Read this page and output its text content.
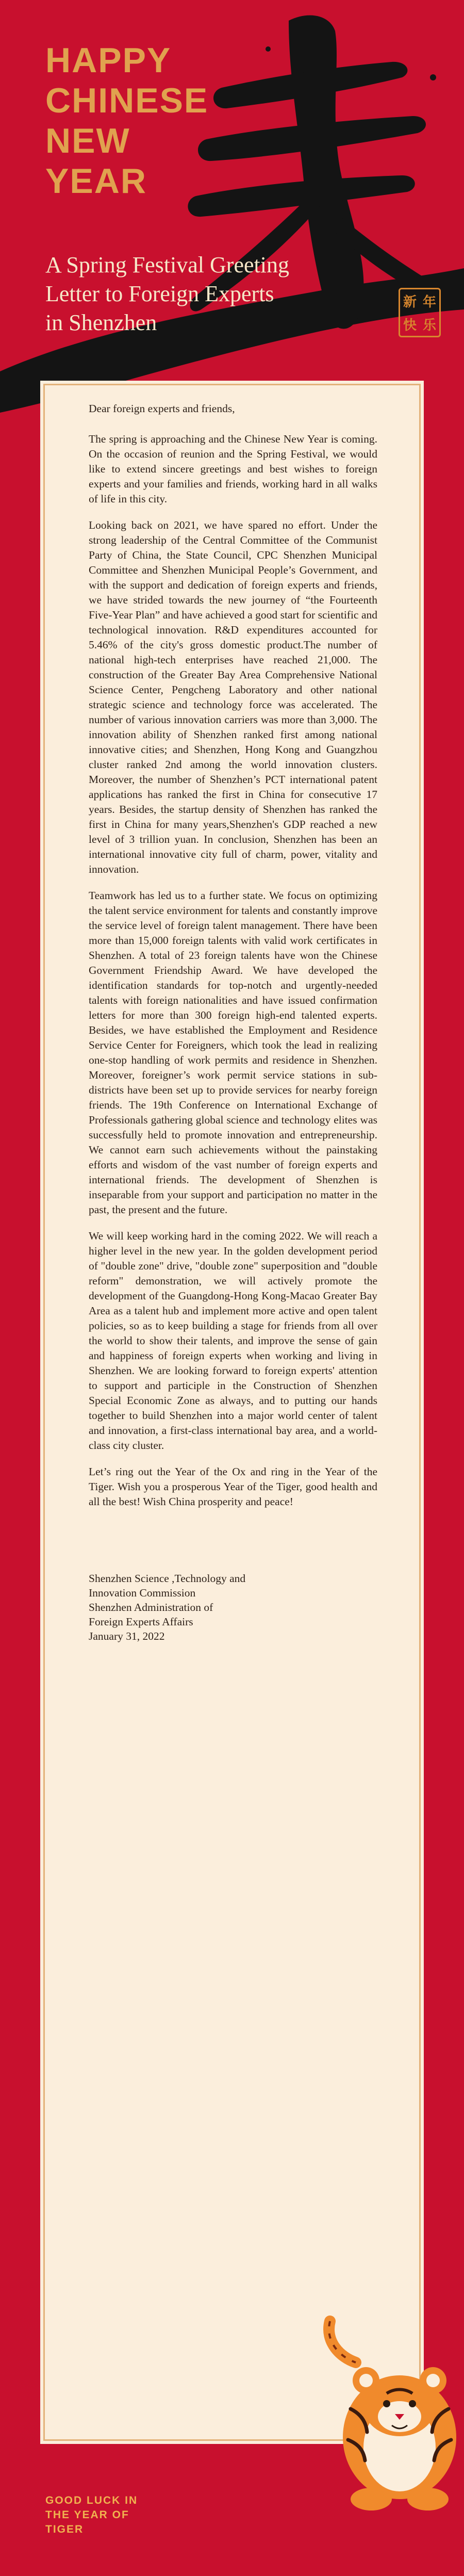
HAPPY
CHINESE
NEW
YEAR
A Spring Festival Greeting
Letter to Foreign Experts
in Shenzhen
新 年
快 乐

Dear foreign experts and friends,

The spring is approaching and the Chinese New Year is coming. On the occasion of reunion and the Spring Festival, we would like to extend sincere greetings and best wishes to foreign experts and your families and friends, working hard in all walks of life in this city.

Looking back on 2021, we have spared no effort. Under the strong leadership of the Central Committee of the Communist Party of China, the State Council, CPC Shenzhen Municipal Committee and Shenzhen Municipal People’s Government, and with the support and dedication of foreign experts and friends, we have strided towards the new journey of “the Fourteenth Five-Year Plan” and have achieved a good start for scientific and technological innovation. R&D expenditures accounted for 5.46% of the city's gross domestic product.The number of national high-tech enterprises have reached 21,000. The construction of the Greater Bay Area Comprehensive National Science Center, Pengcheng Laboratory and other national strategic science and technology force was accelerated. The number of various innovation carriers was more than 3,000. The innovation ability of Shenzhen ranked first among national innovative cities; and Shenzhen, Hong Kong and Guangzhou cluster ranked 2nd among the world innovation clusters. Moreover, the number of Shenzhen’s PCT international patent applications has ranked the first in China for consecutive 17 years. Besides, the startup density of Shenzhen has ranked the first in China for many years,Shenzhen's GDP reached a new level of 3 trillion yuan. In conclusion, Shenzhen has been an international innovative city full of charm, power, vitality and innovation.

Teamwork has led us to a further state. We focus on optimizing the talent service environment for talents and constantly improve the service level of foreign talent management. There have been more than 15,000 foreign talents with valid work certificates in Shenzhen. A total of 23 foreign talents have won the Chinese Government Friendship Award. We have developed the identification standards for top-notch and urgently-needed talents with foreign nationalities and have issued confirmation letters for more than 300 foreign high-end talented experts. Besides, we have established the Employment and Residence Service Center for Foreigners, which took the lead in realizing one-stop handling of work permits and residence in Shenzhen. Moreover, foreigner’s work permit service stations in sub-districts have been set up to provide services for nearby foreign friends. The 19th Conference on International Exchange of Professionals gathering global science and technology elites was successfully held to promote innovation and entrepreneurship. We cannot earn such achievements without the painstaking efforts and wisdom of the vast number of foreign experts and international friends. The development of Shenzhen is inseparable from your support and participation no matter in the past, the present and the future.

We will keep working hard in the coming 2022. We will reach a higher level in the new year. In the golden development period of "double zone" drive, "double zone" superposition and "double reform" demonstration, we will actively promote the development of the Guangdong-Hong Kong-Macao Greater Bay Area as a talent hub and implement more active and open talent policies, so as to keep building a stage for friends from all over the world to show their talents, and improve the sense of gain and happiness of foreign experts when working and living in Shenzhen. We are looking forward to foreign experts' attention to support and participle in the Construction of Shenzhen Special Economic Zone as always, and to putting our hands together to build Shenzhen into a major world center of talent and innovation, a first-class international bay area, and a world-class city cluster.

Let’s ring out the Year of the Ox and ring in the Year of the Tiger. Wish you a prosperous Year of the Tiger, good health and all the best! Wish China prosperity and peace!

Shenzhen Science ,Technology and
Innovation Commission
Shenzhen Administration of
Foreign Experts Affairs
January 31, 2022
GOOD LUCK IN
THE YEAR OF
TIGER
